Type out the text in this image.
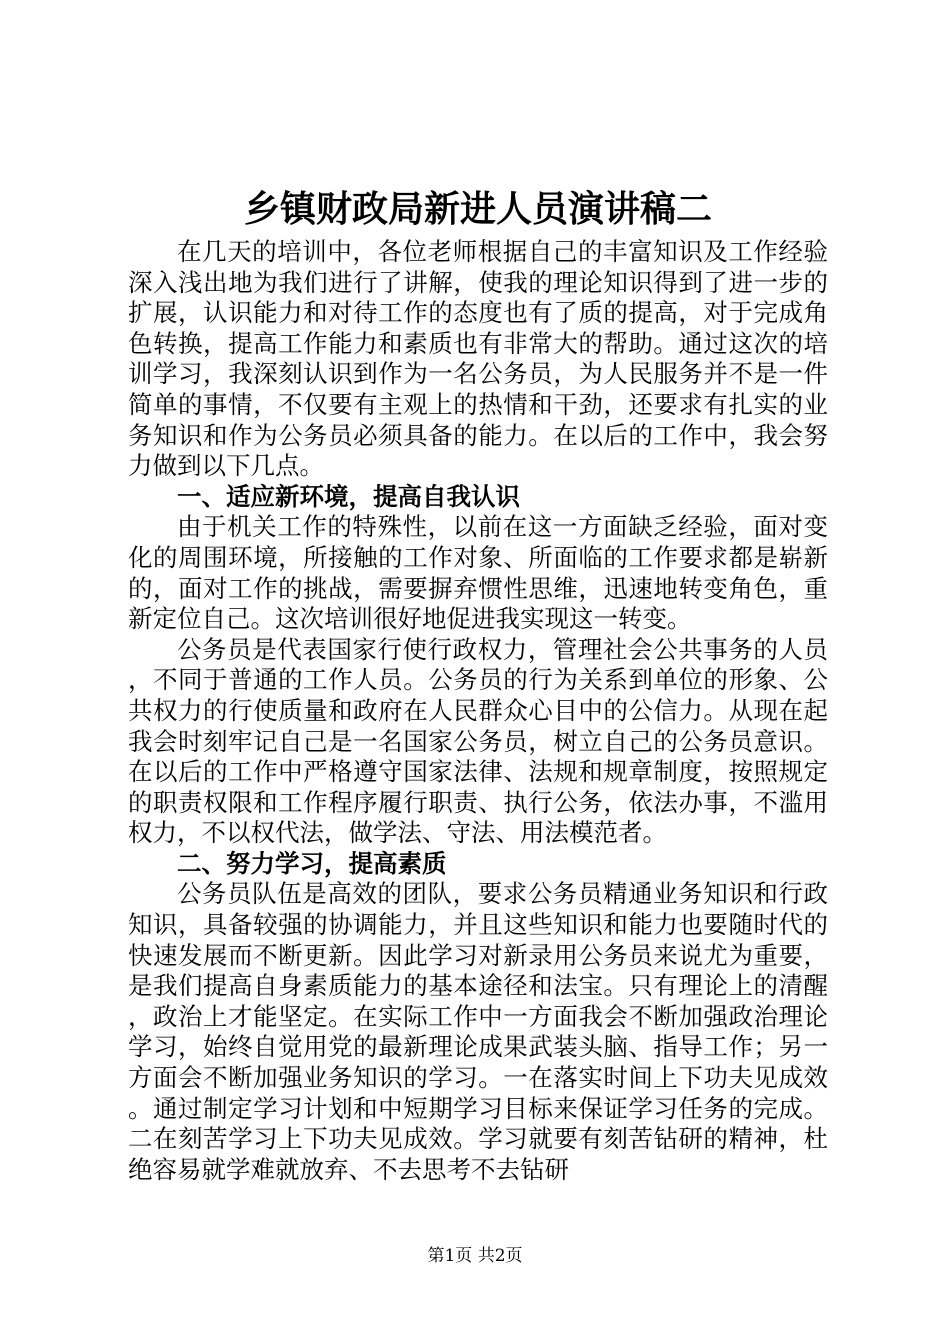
乡镇财政局新进人员演讲稿二

在几天的培训中，各位老师根据自己的丰富知识及工作经验深入浅出地为我们进行了讲解，使我的理论知识得到了进一步的扩展，认识能力和对待工作的态度也有了质的提高，对于完成角色转换，提高工作能力和素质也有非常大的帮助。通过这次的培训学习，我深刻认识到作为一名公务员，为人民服务并不是一件简单的事情，不仅要有主观上的热情和干劲，还要求有扎实的业务知识和作为公务员必须具备的能力。在以后的工作中，我会努力做到以下几点。

一、适应新环境，提高自我认识

由于机关工作的特殊性，以前在这一方面缺乏经验，面对变化的周围环境，所接触的工作对象、所面临的工作要求都是崭新的，面对工作的挑战，需要摒弃惯性思维，迅速地转变角色，重新定位自己。这次培训很好地促进我实现这一转变。

公务员是代表国家行使行政权力，管理社会公共事务的人员，不同于普通的工作人员。公务员的行为关系到单位的形象、公共权力的行使质量和政府在人民群众心目中的公信力。从现在起我会时刻牢记自己是一名国家公务员，树立自己的公务员意识。在以后的工作中严格遵守国家法律、法规和规章制度，按照规定的职责权限和工作程序履行职责、执行公务，依法办事，不滥用权力，不以权代法，做学法、守法、用法模范者。

二、努力学习，提高素质

公务员队伍是高效的团队，要求公务员精通业务知识和行政知识，具备较强的协调能力，并且这些知识和能力也要随时代的快速发展而不断更新。因此学习对新录用公务员来说尤为重要，是我们提高自身素质能力的基本途径和法宝。只有理论上的清醒，政治上才能坚定。在实际工作中一方面我会不断加强政治理论学习，始终自觉用党的最新理论成果武装头脑、指导工作；另一方面会不断加强业务知识的学习。一在落实时间上下功夫见成效。通过制定学习计划和中短期学习目标来保证学习任务的完成。二在刻苦学习上下功夫见成效。学习就要有刻苦钻研的精神，杜绝容易就学难就放弃、不去思考不去钻研

第1页 共2页
